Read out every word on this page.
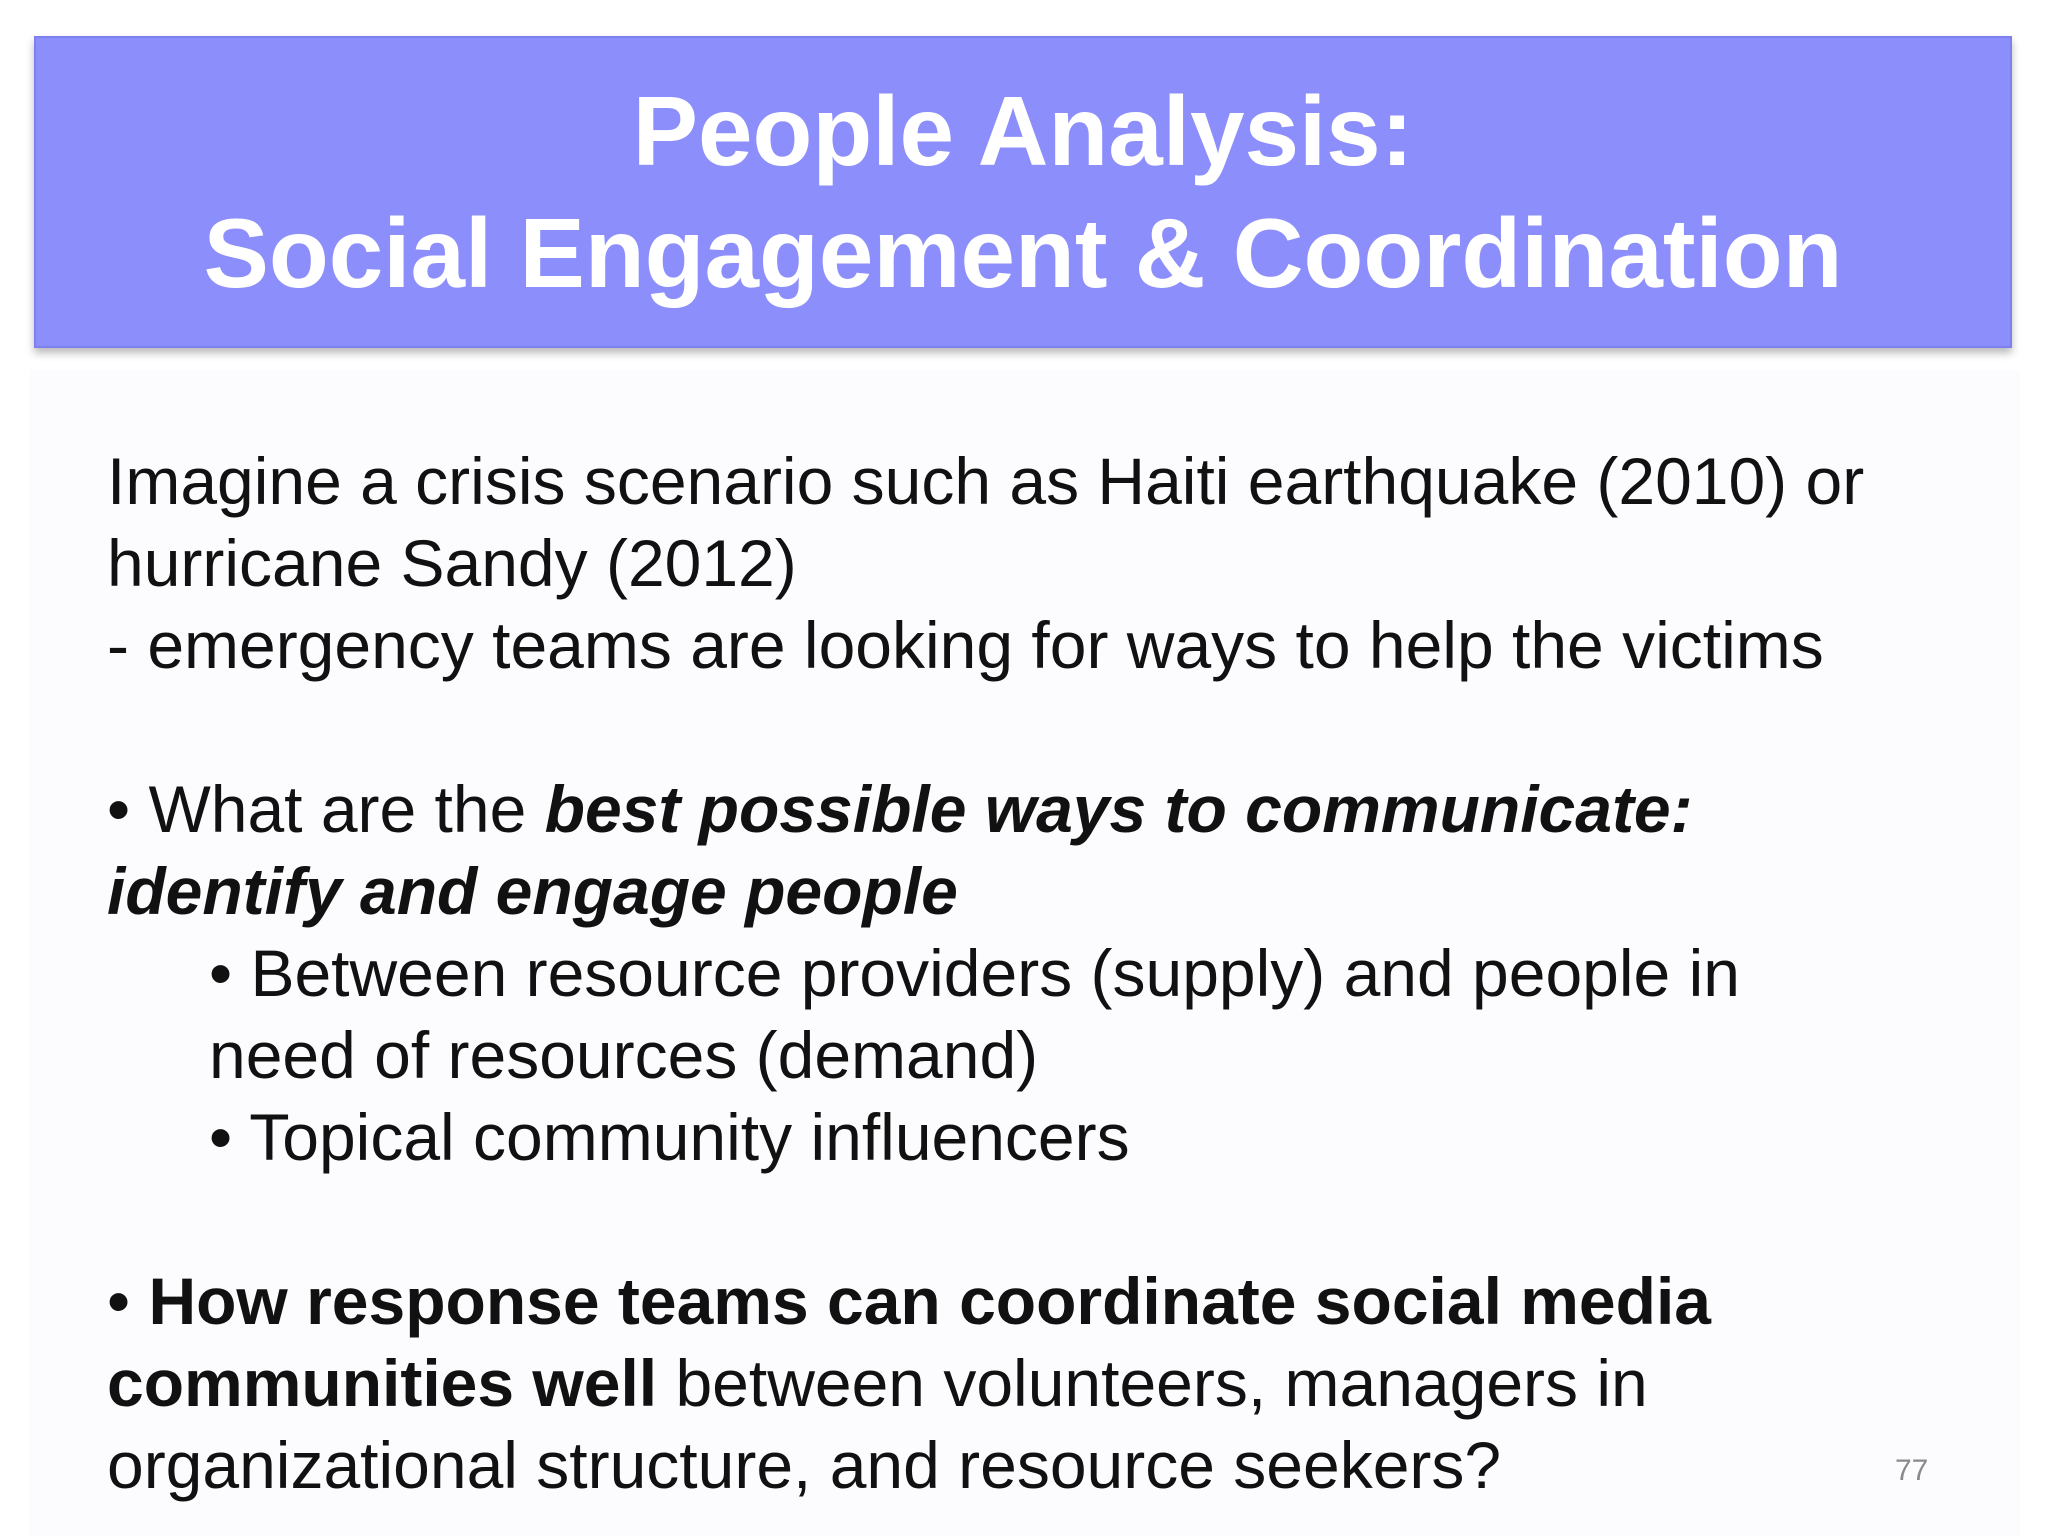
People Analysis:
Social Engagement & Coordination
Imagine a crisis scenario such as Haiti earthquake (2010) or
hurricane Sandy (2012)
- emergency teams are looking for ways to help the victims
• What are the best possible ways to communicate:
identify and engage people
• Between resource providers (supply) and people in
need of resources (demand)
• Topical community influencers
• How response teams can coordinate social media
communities well between volunteers, managers in
organizational structure, and resource seekers?	77
